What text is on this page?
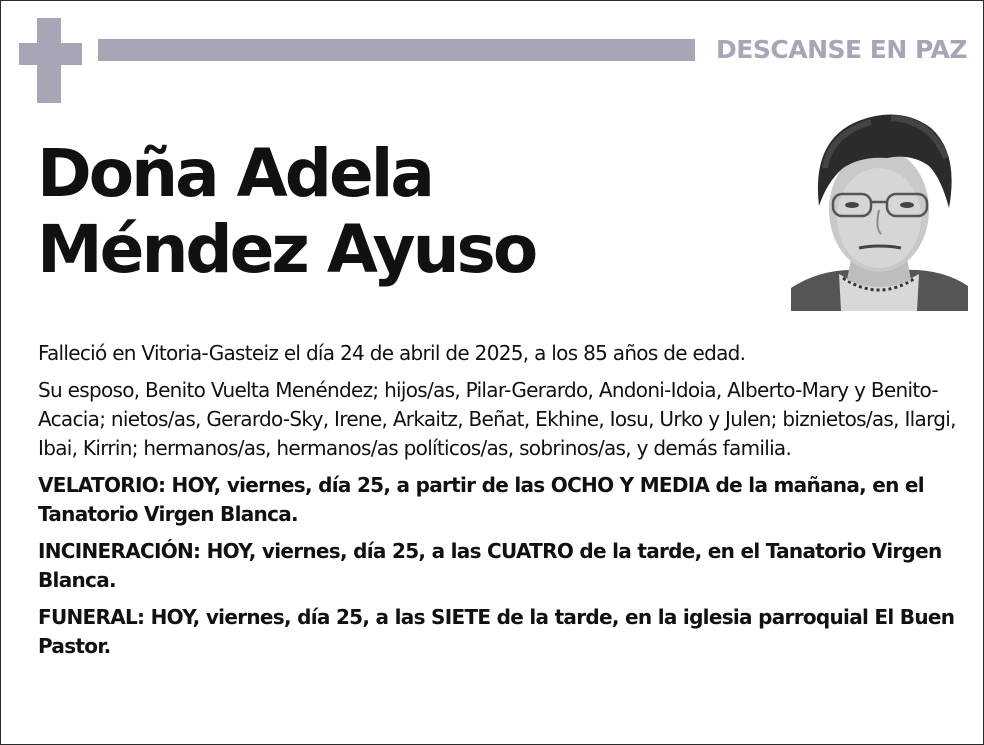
DESCANSE EN PAZ
Doña Adela
Méndez Ayuso

Falleció en Vitoria-Gasteiz el día 24 de abril de 2025, a los 85 años de edad.

Su esposo, Benito Vuelta Menéndez; hijos/as, Pilar-Gerardo, Andoni-Idoia, Alberto-Mary y Benito-Acacia; nietos/as, Gerardo-Sky, Irene, Arkaitz, Beñat, Ekhine, Iosu, Urko y Julen; biznietos/as, Ilargi, Ibai, Kirrin; hermanos/as, hermanos/as políticos/as, sobrinos/as, y demás familia.

VELATORIO: HOY, viernes, día 25, a partir de las OCHO Y MEDIA de la mañana, en el Tanatorio Virgen Blanca.

INCINERACIÓN: HOY, viernes, día 25, a las CUATRO de la tarde, en el Tanatorio Virgen Blanca.

FUNERAL: HOY, viernes, día 25, a las SIETE de la tarde, en la iglesia parroquial El Buen Pastor.
